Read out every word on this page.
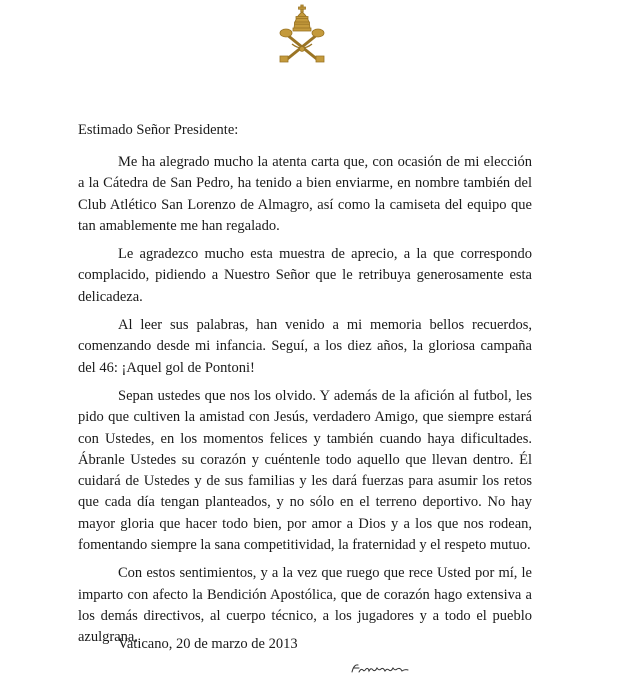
Estimado Señor Presidente:

Me ha alegrado mucho la atenta carta que, con ocasión de mi elección a la Cátedra de San Pedro, ha tenido a bien enviarme, en nombre también del Club Atlético San Lorenzo de Almagro, así como la camiseta del equipo que tan amablemente me han regalado.

Le agradezco mucho esta muestra de aprecio, a la que correspondo complacido, pidiendo a Nuestro Señor que le retribuya generosamente esta delicadeza.

Al leer sus palabras, han venido a mi memoria bellos recuerdos, comenzando desde mi infancia. Seguí, a los diez años, la gloriosa campaña del 46: ¡Aquel gol de Pontoni!

Sepan ustedes que nos los olvido. Y además de la afición al futbol, les pido que cultiven la amistad con Jesús, verdadero Amigo, que siempre estará con Ustedes, en los momentos felices y también cuando haya dificultades. Ábranle Ustedes su corazón y cuéntenle todo aquello que llevan dentro. Él cuidará de Ustedes y de sus familias y les dará fuerzas para asumir los retos que cada día tengan planteados, y no sólo en el terreno deportivo. No hay mayor gloria que hacer todo bien, por amor a Dios y a los que nos rodean, fomentando siempre la sana competitividad, la fraternidad y el respeto mutuo.

Con estos sentimientos, y a la vez que ruego que rece Usted por mí, le imparto con afecto la Bendición Apostólica, que de corazón hago extensiva a los demás directivos, al cuerpo técnico, a los jugadores y a todo el pueblo azulgrana.

Vaticano, 20 de marzo de 2013
